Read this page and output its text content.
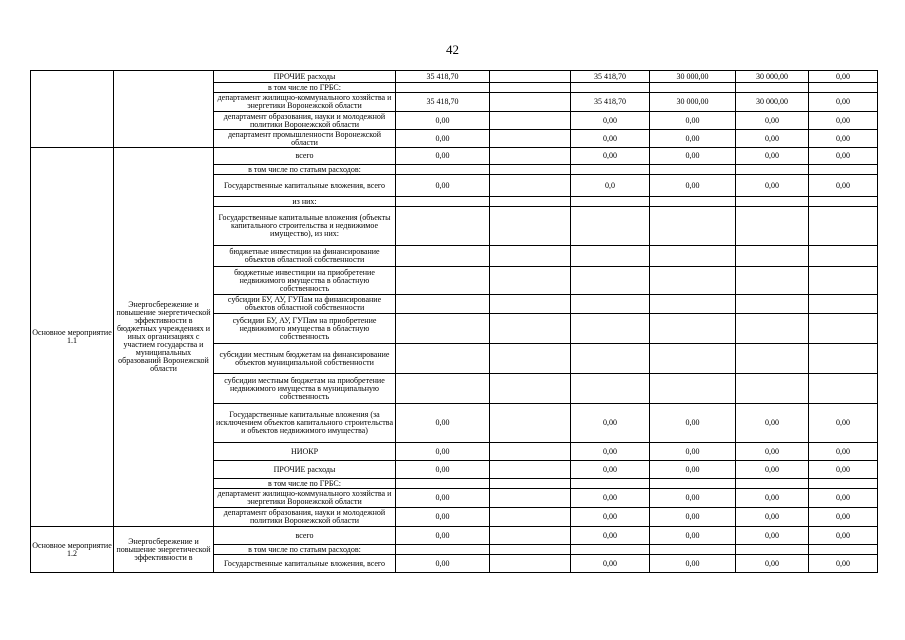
42
		ПРОЧИЕ расходы	35 418,70		35 418,70	30 000,00	30 000,00	0,00
		в том числе по ГРБС:						
		департамент жилищно-коммунального хозяйства и энергетики Воронежской области	35 418,70		35 418,70	30 000,00	30 000,00	0,00
		департамент образования, науки и молодежной политики Воронежской области	0,00		0,00	0,00	0,00	0,00
		департамент промышленности Воронежской области	0,00		0,00	0,00	0,00	0,00
Основное мероприятие 1.1	Энергосбережение и повышение энергетической эффективности в бюджетных учреждениях и иных организациях с участием государства и муниципальных образований Воронежской области	всего	0,00		0,00	0,00	0,00	0,00
		в том числе по статьям расходов:						
		Государственные капитальные вложения, всего	0,00		0,0	0,00	0,00	0,00
		из них:						
		Государственные капитальные вложения (объекты капитального строительства и недвижимое имущество), из них:						
		бюджетные инвестиции на финансирование объектов областной собственности						
		бюджетные инвестиции на приобретение недвижимого имущества в областную собственность						
		субсидии БУ, АУ, ГУПам на финансирование объектов областной собственности						
		субсидии БУ, АУ, ГУПам на приобретение недвижимого имущества в областную собственность						
		субсидии местным бюджетам на финансирование объектов муниципальной собственности						
		субсидии местным бюджетам на приобретение недвижимого имущества в муниципальную собственность						
		Государственные капитальные вложения (за исключением объектов капитального строительства и объектов недвижимого имущества)	0,00		0,00	0,00	0,00	0,00
		НИОКР	0,00		0,00	0,00	0,00	0,00
		ПРОЧИЕ расходы	0,00		0,00	0,00	0,00	0,00
		в том числе по ГРБС:						
		департамент жилищно-коммунального хозяйства и энергетики Воронежской области	0,00		0,00	0,00	0,00	0,00
		департамент образования, науки и молодежной политики Воронежской области	0,00		0,00	0,00	0,00	0,00
Основное мероприятие 1.2	Энергосбережение и повышение энергетической эффективности в	всего	0,00		0,00	0,00	0,00	0,00
		в том числе по статьям расходов:						
		Государственные капитальные вложения, всего	0,00		0,00	0,00	0,00	0,00
